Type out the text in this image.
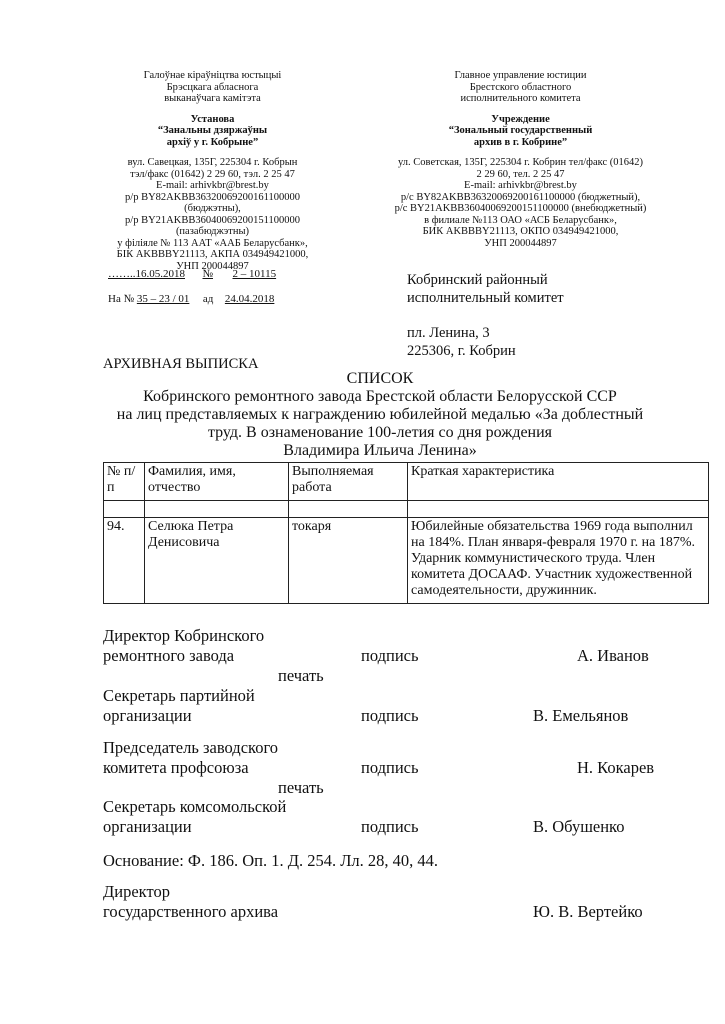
Галоўнае кіраўніцтва юстыцыі
Брэсцкага абласнога
выканаўчага камітэта
Установа
“Занальны дзяржаўны
архіў у г. Кобрыне”
вул. Савецкая, 135Г, 225304 г. Кобрын
тэл/факс (01642) 2 29 60, тэл. 2 25 47
E-mail: arhivkbr@brest.by
р/р BY82AKBB36320069200161100000 (бюджэтны),
р/р BY21AKBB36040069200151100000 (пазабюджэтны)
у філіяле № 113 ААТ «ААБ Беларусбанк»,
БІК AKBBBY21113, АКПА 034949421000,
УНП 200044897
Главное управление юстиции
Брестского областного
исполнительного комитета
Учреждение
“Зональный государственный
архив в г. Кобрине”
ул. Советская, 135Г, 225304 г. Кобрин тел/факс (01642)
2 29 60, тел. 2 25 47
E-mail: arhivkbr@brest.by
р/с BY82AKBB36320069200161100000 (бюджетный),
р/с BY21AKBB36040069200151100000 (внебюджетный)
в филиале №113 ОАО «АСБ Беларусбанк»,
БИК AKBBBY21113, ОКПО 034949421000,
УНП 200044897
……..16.05.2018 № 2 – 10115
На № 35 – 23 / 01 ад 24.04.2018
Кобринский районный
исполнительный комитет
пл. Ленина, 3
225306, г. Кобрин
АРХИВНАЯ ВЫПИСКА
СПИСОК
Кобринского ремонтного завода Брестской области Белорусской ССР
на лиц представляемых к награждению юбилейной медалью «За доблестный
труд. В ознаменование 100-летия со дня рождения
Владимира Ильича Ленина»
№ п/п	Фамилия, имя, отчество	Выполняемая работа	Краткая характеристика

94.	Селюка Петра Денисовича	токаря	Юбилейные обязательства 1969 года выполнил на 184%. План января-февраля 1970 г. на 187%. Ударник коммунистического труда. Член комитета ДОСААФ. Участник художественной самодеятельности, дружинник.
Директор Кобринского
ремонтного завода	подпись	А. Иванов
печать
Секретарь партийной
организации	подпись	В. Емельянов
Председатель заводского
комитета профсоюза	подпись	Н. Кокарев
печать
Секретарь комсомольской
организации	подпись	В. Обушенко
Основание: Ф. 186. Оп. 1. Д. 254. Лл. 28, 40, 44.
Директор
государственного архива	Ю. В. Вертейко
